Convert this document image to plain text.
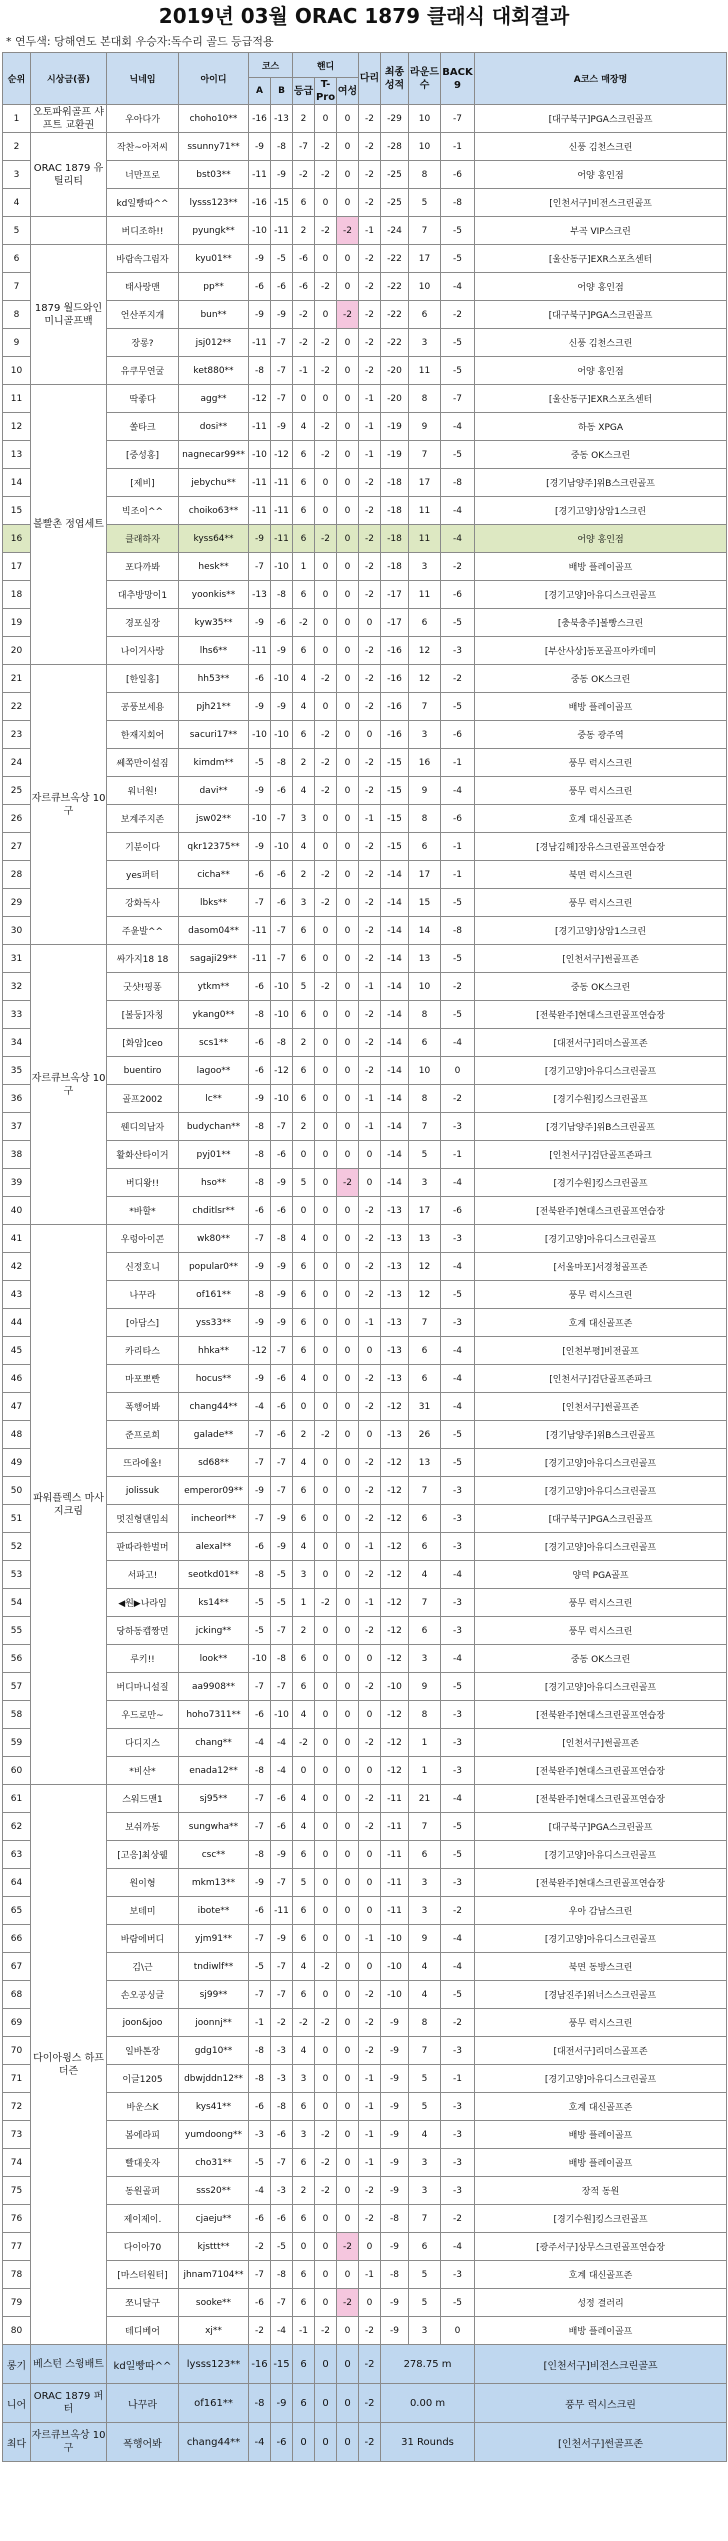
2019년 03월 ORAC 1879 클래식 대회결과
* 연두색: 당해연도 본대회 우승자:독수리 골드 등급적용
순위	시상금(품)	닉네임	아이디	코스		핸디			다리	최종성적	라운드수	BACK 9	A코스 매장명
				A	B	등급	T-Pro	여성					
1	오토파워골프 샤프트 교환권	우아다가	choho10**	-16	-13	2	0	0	-2	-29	10	-7	[대구북구]PGA스크린골프
2	ORAC 1879 유틸리티	작찬~아저씨	ssunny71**	-9	-8	-7	-2	0	-2	-28	10	-1	신풍 김천스크린
3		너만프로	bst03**	-11	-9	-2	-2	0	-2	-25	8	-6	어양 홍인점
4		kd일빵따^^	lysss123**	-16	-15	6	0	0	-2	-25	5	-8	[인천서구]비전스크린골프
5		버디조하!!	pyungk**	-10	-11	2	-2	-2	-1	-24	7	-5	부곡 VIP스크린
6	1879 월드와인 미니골프백	바람속그림자	kyu01**	-9	-5	-6	0	0	-2	-22	17	-5	[울산동구]EXR스포츠센터
7		태사랑맨	pp**	-6	-6	-6	-2	0	-2	-22	10	-4	어양 홍인점
8		언산푸지개	bun**	-9	-9	-2	0	-2	-2	-22	6	-2	[대구북구]PGA스크린골프
9		장롱?	jsj012**	-11	-7	-2	-2	0	-2	-22	3	-5	신풍 김천스크린
10		유쿠무연굴	ket880**	-8	-7	-1	-2	0	-2	-20	11	-5	어양 홍인점
11	볼빨촌 정엽세트	딱좋다	agg**	-12	-7	0	0	0	-1	-20	8	-7	[울산동구]EXR스포츠센터
12		쏠타크	dosi**	-11	-9	4	-2	0	-1	-19	9	-4	하동 XPGA
13		[중성홍]	nagnecar99**	-10	-12	6	-2	0	-1	-19	7	-5	중동 OK스크린
14		[제비]	jebychu**	-11	-11	6	0	0	-2	-18	17	-8	[경기남양주]위B스크린골프
15		빅조이^^	choiko63**	-11	-11	6	0	0	-2	-18	11	-4	[경기고양]상암1스크린
16		클래하자	kyss64**	-9	-11	6	-2	0	-2	-18	11	-4	어양 홍인점
17		포다까봐	hesk**	-7	-10	1	0	0	-2	-18	3	-2	배방 플레이골프
18		대추방망이1	yoonkis**	-13	-8	6	0	0	-2	-17	11	-6	[경기고양]아유디스크린골프
19		경포실장	kyw35**	-9	-6	-2	0	0	0	-17	6	-5	[충북충주]볼빵스크린
20		나이거사랑	lhs6**	-11	-9	6	0	0	-2	-16	12	-3	[부산사상]동포골프아카데미
21	자르큐브옥상 10구	[한일홍]	hh53**	-6	-10	4	-2	0	-2	-16	12	-2	중동 OK스크린
22		공풍보세용	pjh21**	-9	-9	4	0	0	-2	-16	7	-5	배방 플레이골프
23		한재지회어	sacuri17**	-10	-10	6	-2	0	0	-16	3	-6	중동 광주역
24		쎄쪽만이설짐	kimdm**	-5	-8	2	-2	0	-2	-15	16	-1	풍무 럭시스크린
25		워너원!	davi**	-9	-6	4	-2	0	-2	-15	9	-4	풍무 럭시스크린
26		보계주지존	jsw02**	-10	-7	3	0	0	-1	-15	8	-6	호계 대신골프존
27		기분이다	qkr12375**	-9	-10	4	0	0	-2	-15	6	-1	[경남김해]장유스크린골프연습장
28		yes퍼터	cicha**	-6	-6	2	-2	0	-2	-14	17	-1	북면 럭시스크린
29		강화독사	lbks**	-7	-6	3	-2	0	-2	-14	15	-5	풍무 럭시스크린
30		주윤발^^	dasom04**	-11	-7	6	0	0	-2	-14	14	-8	[경기고양]상암1스크린
31	자르큐브옥상 10구	싸가지18 18	sagaji29**	-11	-7	6	0	0	-2	-14	13	-5	[인천서구]썬골프존
32		굿샷!핑퐁	ytkm**	-6	-10	5	-2	0	-1	-14	10	-2	중동 OK스크린
33		[볼둥]자칭	ykang0**	-8	-10	6	0	0	-2	-14	8	-5	[전북완주]현대스크린골프연습장
34		[화암]ceo	scs1**	-6	-8	2	0	0	-2	-14	6	-4	[대전서구]리더스골프존
35		buentiro	lagoo**	-6	-12	6	0	0	-2	-14	10	0	[경기고양]아유디스크린골프
36		골프2002	lc**	-9	-10	6	0	0	-1	-14	8	-2	[경기수원]킹스크린골프
37		웬디의남자	budychan**	-8	-7	2	0	0	-1	-14	7	-3	[경기남양주]위B스크린골프
38		활화산타이거	pyj01**	-8	-6	0	0	0	0	-14	5	-1	[인천서구]검단골프존파크
39		버디왕!!	hso**	-8	-9	5	0	-2	0	-14	3	-4	[경기수원]킹스크린골프
40		*바할*	chditlsr**	-6	-6	0	0	0	-2	-13	17	-6	[전북완주]현대스크린골프연습장
41	파워플렉스 마사지크림	우렁아이콘	wk80**	-7	-8	4	0	0	-2	-13	13	-3	[경기고양]아유디스크린골프
42		신정호니	popular0**	-9	-9	6	0	0	-2	-13	12	-4	[서울마포]서경청골프존
43		나꾸라	of161**	-8	-9	6	0	0	-2	-13	12	-5	풍무 럭시스크린
44		[아담스]	yss33**	-9	-9	6	0	0	-1	-13	7	-3	호계 대신골프존
45		카리타스	hhka**	-12	-7	6	0	0	0	-13	6	-4	[인천부평]비전골프
46		마포뽀빤	hocus**	-9	-6	4	0	0	-2	-13	6	-4	[인천서구]검단골프존파크
47		폭행어봐	chang44**	-4	-6	0	0	0	-2	-12	31	-4	[인천서구]썬골프존
48		준프로희	galade**	-7	-6	2	-2	0	0	-13	26	-5	[경기남양주]위B스크린골프
49		뜨라에올!	sd68**	-7	-7	4	0	0	-2	-12	13	-5	[경기고양]아유디스크린골프
50		jolissuk	emperor09**	-9	-7	6	0	0	-2	-12	7	-3	[경기고양]아유디스크린골프
51		멋진형댄임쇠	incheorl**	-7	-9	6	0	0	-2	-12	6	-3	[대구북구]PGA스크린골프
52		판따라한벌머	alexal**	-6	-9	4	0	0	-1	-12	6	-3	[경기고양]아유디스크린골프
53		서파고!	seotkd01**	-8	-5	3	0	0	-2	-12	4	-4	양덕 PGA골프
54		◀원▶나라임	ks14**	-5	-5	1	-2	0	-1	-12	7	-3	풍무 럭시스크린
55		당하동캡짱먼	jcking**	-5	-7	2	0	0	-2	-12	6	-3	풍무 럭시스크린
56		루키!!	look**	-10	-8	6	0	0	0	-12	3	-4	중동 OK스크린
57		버디마니설질	aa9908**	-7	-7	6	0	0	-2	-10	9	-5	[경기고양]아유디스크린골프
58		우드로만~	hoho7311**	-6	-10	4	0	0	0	-12	8	-3	[전북완주]현대스크린골프연습장
59		다디지스	chang**	-4	-4	-2	0	0	-2	-12	1	-3	[인천서구]썬골프존
60		*비산*	enada12**	-8	-4	0	0	0	0	-12	1	-3	[전북완주]현대스크린골프연습장
61	다이아윙스 하프더즌	스워드맨1	sj95**	-7	-6	4	0	0	-2	-11	21	-4	[전북완주]현대스크린골프연습장
62		보쉬까동	sungwha**	-7	-6	4	0	0	-2	-11	7	-5	[대구북구]PGA스크린골프
63		[고응]최상웰	csc**	-8	-9	6	0	0	0	-11	6	-5	[경기고양]아유디스크린골프
64		원이형	mkm13**	-9	-7	5	0	0	0	-11	3	-3	[전북완주]현대스크린골프연습장
65		보테미	ibote**	-6	-11	6	0	0	0	-11	3	-2	우아 감남스크린
66		바람에버디	yjm91**	-7	-9	6	0	0	-1	-10	9	-4	[경기고양]아유디스크린골프
67		김\근	tndiwlf**	-5	-7	4	-2	0	0	-10	4	-4	북면 동방스크린
68		손오공싱글	sj99**	-7	-7	6	0	0	-2	-10	4	-5	[경남진주]위너스스크린골프
69		joon&joo	joonnj**	-1	-2	-2	-2	0	-2	-9	8	-2	풍무 럭시스크린
70		일바톤장	gdg10**	-8	-3	4	0	0	-2	-9	7	-3	[대전서구]리더스골프존
71		이글1205	dbwjddn12**	-8	-3	3	0	0	-1	-9	5	-1	[경기고양]아유디스크린골프
72		바운스K	kys41**	-6	-8	6	0	0	-1	-9	5	-3	호계 대신골프존
73		봄에라피	yumdoong**	-3	-6	3	-2	0	-1	-9	4	-3	배방 플레이골프
74		빨대웃자	cho31**	-5	-7	6	-2	0	-1	-9	3	-3	배방 플레이골프
75		동원골퍼	sss20**	-4	-3	2	-2	0	-2	-9	3	-3	장적 동원
76		제이제이.	cjaeju**	-6	-6	6	0	0	-2	-8	7	-2	[경기수원]킹스크린골프
77		다이아70	kjsttt**	-2	-5	0	0	-2	0	-9	6	-4	[광주서구]상무스크린골프연습장
78		[마스터원터]	jhnam7104**	-7	-8	6	0	0	-1	-8	5	-3	호계 대신골프존
79		쪼니달구	sooke**	-6	-7	6	0	-2	0	-9	5	-5	성정 결러리
80		테디베어	xj**	-2	-4	-1	-2	0	-2	-9	3	0	배방 플레이골프
롱기	베스턴 스윙배트	kd일빵따^^	lysss123**	-16	-15	6	0	0	-2	278.75 m			[인천서구]비전스크린골프
니어	ORAC 1879 퍼터	나꾸라	of161**	-8	-9	6	0	0	-2	0.00 m			풍무 럭시스크린
최다	자르큐브옥상 10구	폭행어봐	chang44**	-4	-6	0	0	0	-2	31 Rounds			[인천서구]썬골프존
